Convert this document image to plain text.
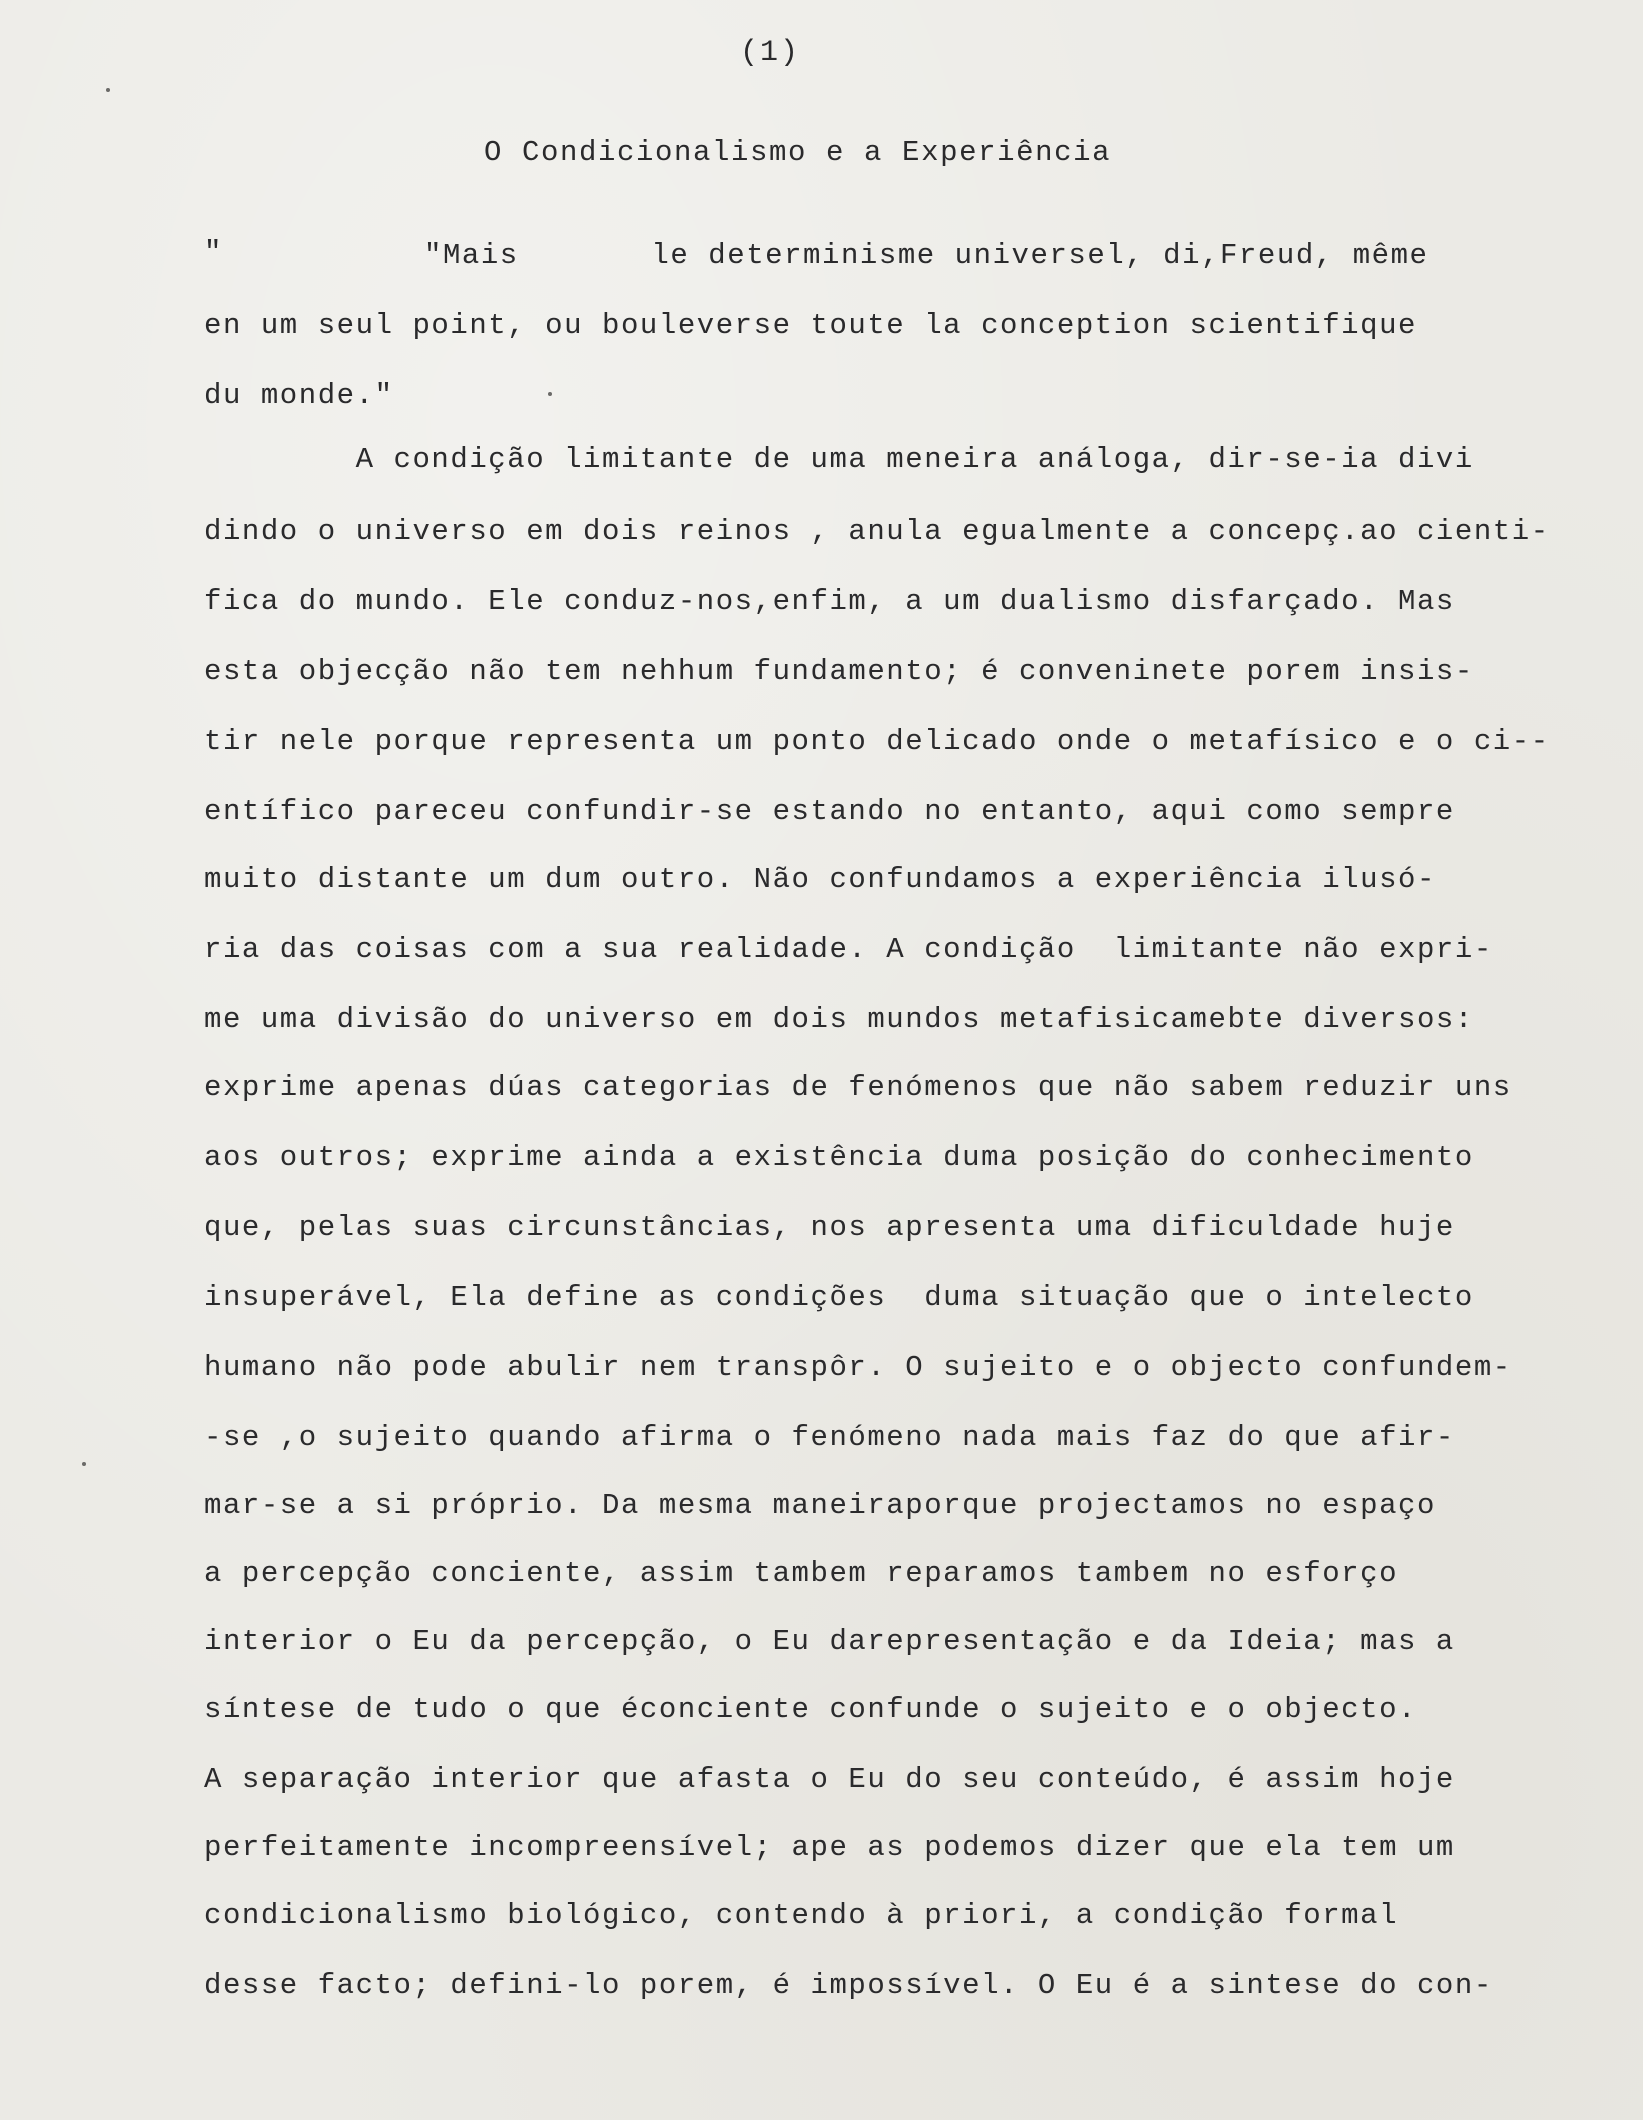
(1)
O Condicionalismo e a Experiência
"	"Mais       le determinisme universel, di,Freud, même
en um seul point, ou bouleverse toute la conception scientifique
du monde."
A condição limitante de uma meneira análoga, dir-se-ia divi
dindo o universo em dois reinos , anula egualmente a concepç.ao cienti-
fica do mundo. Ele conduz-nos,enfim, a um dualismo disfarçado. Mas
esta objecção não tem nehhum fundamento; é conveninete porem insis-
tir nele porque representa um ponto delicado onde o metafísico e o ci--
entífico pareceu confundir-se estando no entanto, aqui como sempre
muito distante um dum outro. Não confundamos a experiência ilusó-
ria das coisas com a sua realidade. A condição  limitante não expri-
me uma divisão do universo em dois mundos metafisicamebte diversos:
exprime apenas dúas categorias de fenómenos que não sabem reduzir uns
aos outros; exprime ainda a existência duma posição do conhecimento
que, pelas suas circunstâncias, nos apresenta uma dificuldade huje
insuperável, Ela define as condições  duma situação que o intelecto
humano não pode abulir nem transpôr. O sujeito e o objecto confundem-
-se ,o sujeito quando afirma o fenómeno nada mais faz do que afir-
mar-se a si próprio. Da mesma maneiraporque projectamos no espaço
a percepção conciente, assim tambem reparamos tambem no esforço
interior o Eu da percepção, o Eu darepresentação e da Ideia; mas a
síntese de tudo o que éconciente confunde o sujeito e o objecto.
A separação interior que afasta o Eu do seu conteúdo, é assim hoje
perfeitamente incompreensível; ape as podemos dizer que ela tem um
condicionalismo biológico, contendo à priori, a condição formal
desse facto; defini-lo porem, é impossível. O Eu é a sintese do con-
